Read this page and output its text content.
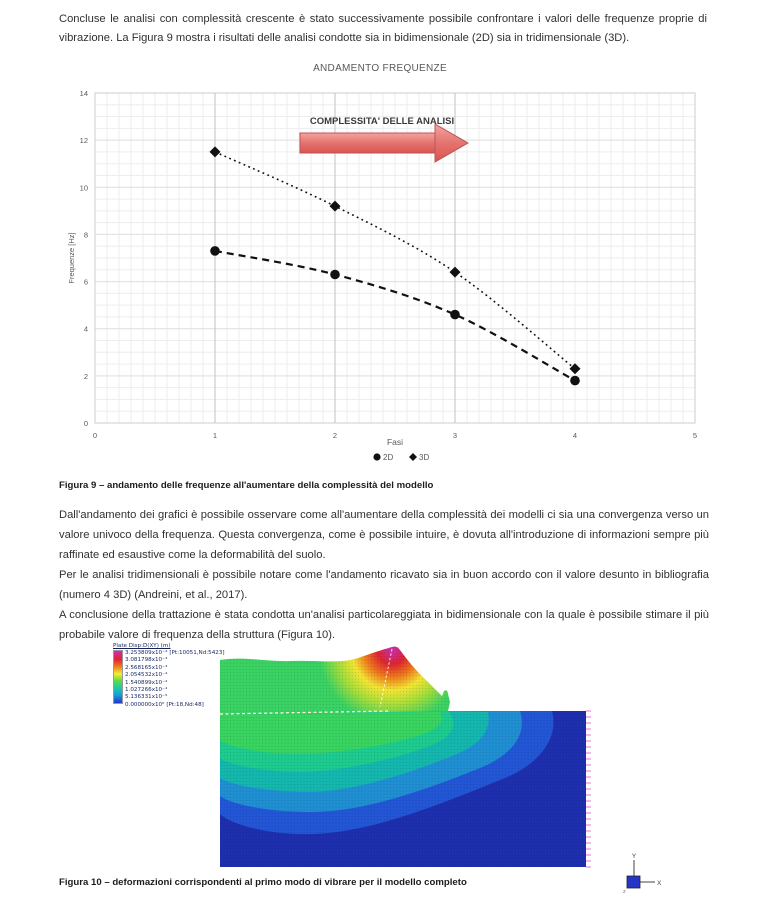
Concluse le analisi con complessità crescente è stato successivamente possibile confrontare i valori delle frequenze proprie di vibrazione. La Figura 9 mostra i risultati delle analisi condotte sia in bidimensionale (2D) sia in tridimensionale (3D).
ANDAMENTO FREQUENZE
0
2
4
6
8
10
12
14
0	1	2	3	4	5
COMPLESSITA' DELLE ANALISI
Fasi
Frequenze [Hz]
2D	3D
Figura 9 – andamento delle frequenze all'aumentare della complessità del modello
Dall'andamento dei grafici è possibile osservare come all'aumentare della complessità dei modelli ci sia una convergenza verso un valore univoco della frequenza. Questa convergenza, come è possibile intuire, è dovuta all'introduzione di informazioni sempre più raffinate ed esaustive come la deformabilità del suolo.
Per le analisi tridimensionali è possibile notare come l'andamento ricavato sia in buon accordo con il valore desunto in bibliografia (numero 4 3D) (Andreini, et al., 2017).
A conclusione della trattazione è stata condotta un'analisi particolareggiata in bidimensionale con la quale è possibile stimare il più probabile valore di frequenza della struttura (Figura 10).
Plate Disp:D(XY) (m)
3.253809x10⁻⁴ [Pt:10051,Nd:5423]
3.081798x10⁻⁴
2.568165x10⁻⁴
2.054532x10⁻⁴
1.540899x10⁻⁴
1.027266x10⁻⁴
5.136331x10⁻⁵
0.000000x10⁰ [Pt:18,Nd:48]
Y
X
z
Figura 10 – deformazioni corrispondenti al primo modo di vibrare per il modello completo
